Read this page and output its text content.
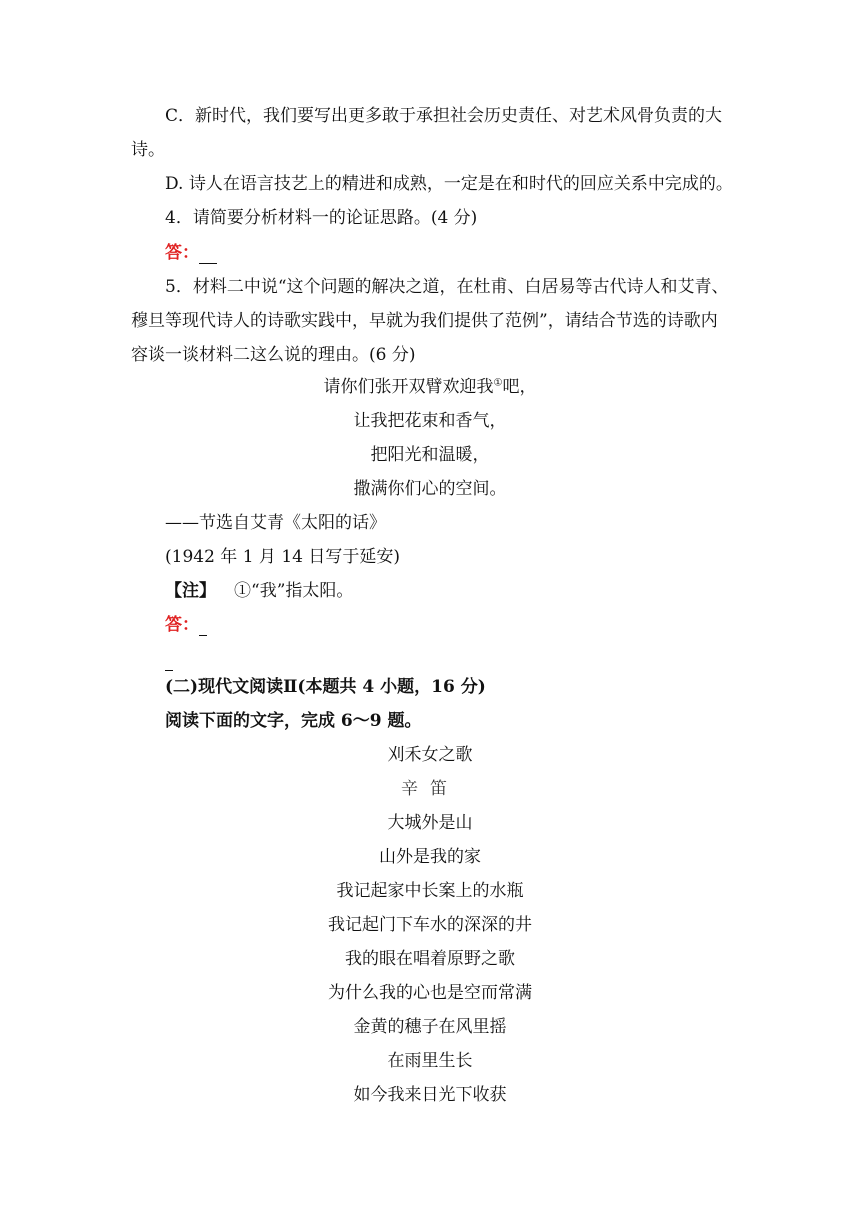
C．新时代，我们要写出更多敢于承担社会历史责任、对艺术风骨负责的大
诗。
D. 诗人在语言技艺上的精进和成熟，一定是在和时代的回应关系中完成的。
4．请简要分析材料一的论证思路。(4 分)
答：
5．材料二中说“这个问题的解决之道，在杜甫、白居易等古代诗人和艾青、
穆旦等现代诗人的诗歌实践中，早就为我们提供了范例”，请结合节选的诗歌内
容谈一谈材料二这么说的理由。(6 分)
请你们张开双臂欢迎我①吧，
让我把花束和香气，
把阳光和温暖，
撒满你们心的空间。
——节选自艾青《太阳的话》
(1942 年 1 月 14 日写于延安)
【注】 ①“我”指太阳。
答：

(二)现代文阅读Ⅱ(本题共 4 小题，16 分)
阅读下面的文字，完成 6～9 题。
刈禾女之歌
辛笛
大城外是山
山外是我的家
我记起家中长案上的水瓶
我记起门下车水的深深的井
我的眼在唱着原野之歌
为什么我的心也是空而常满
金黄的穗子在风里摇
在雨里生长
如今我来日光下收获
